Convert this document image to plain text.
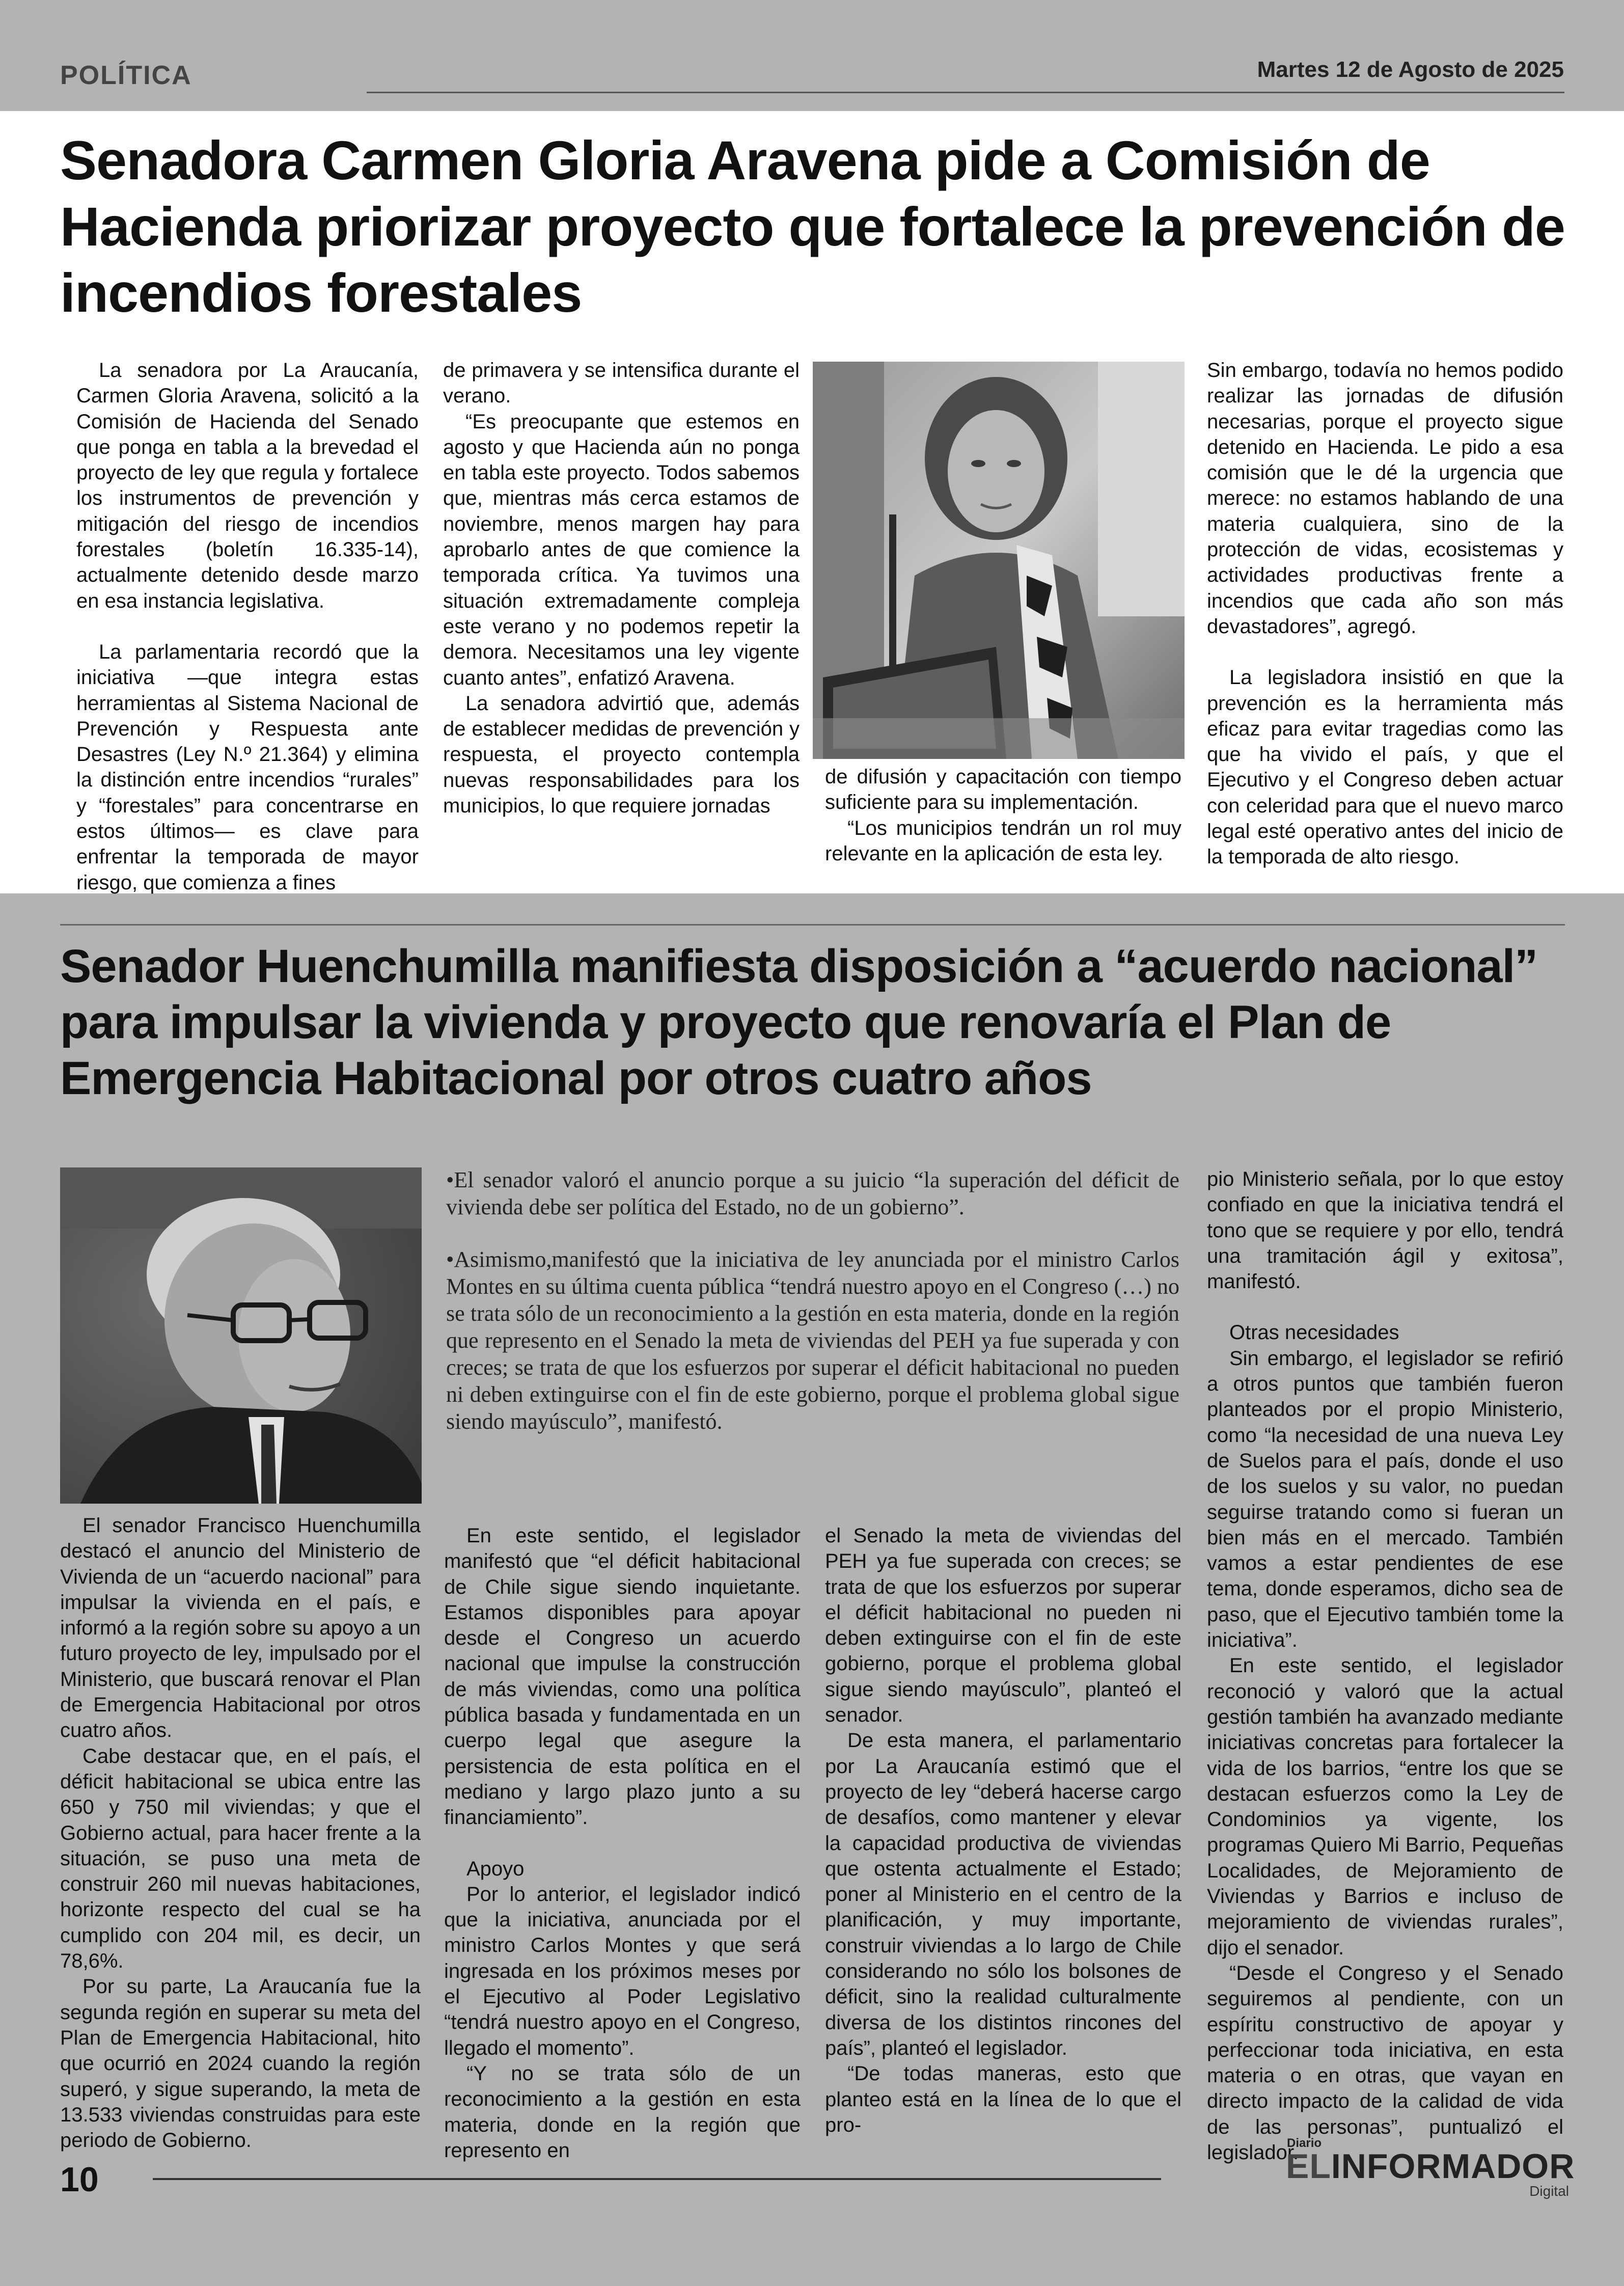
POLÍTICA	Martes 12 de Agosto de 2025
Senadora Carmen Gloria Aravena pide a Comisión de Hacienda priorizar proyecto que fortalece la prevención de incendios forestales

La senadora por La Araucanía, Carmen Gloria Aravena, solicitó a la Comisión de Hacienda del Senado que ponga en tabla a la brevedad el proyecto de ley que regula y fortalece los instrumentos de prevención y mitigación del riesgo de incendios forestales (boletín 16.335-14), actualmente detenido desde marzo en esa instancia legislativa.

La parlamentaria recordó que la iniciativa —que integra estas herramientas al Sistema Nacional de Prevención y Respuesta ante Desastres (Ley N.º 21.364) y elimina la distinción entre incendios “rurales” y “forestales” para concentrarse en estos últimos— es clave para enfrentar la temporada de mayor riesgo, que comienza a fines

de primavera y se intensifica durante el verano.

“Es preocupante que estemos en agosto y que Hacienda aún no ponga en tabla este proyecto. Todos sabemos que, mientras más cerca estamos de noviembre, menos margen hay para aprobarlo antes de que comience la temporada crítica. Ya tuvimos una situación extremadamente compleja este verano y no podemos repetir la demora. Necesitamos una ley vigente cuanto antes”, enfatizó Aravena.

La senadora advirtió que, además de establecer medidas de prevención y respuesta, el proyecto contempla nuevas responsabilidades para los municipios, lo que requiere jornadas

de difusión y capacitación con tiempo suficiente para su implementación.

“Los municipios tendrán un rol muy relevante en la aplicación de esta ley.

Sin embargo, todavía no hemos podido realizar las jornadas de difusión necesarias, porque el proyecto sigue detenido en Hacienda. Le pido a esa comisión que le dé la urgencia que merece: no estamos hablando de una materia cualquiera, sino de la protección de vidas, ecosistemas y actividades productivas frente a incendios que cada año son más devastadores”, agregó.

La legisladora insistió en que la prevención es la herramienta más eficaz para evitar tragedias como las que ha vivido el país, y que el Ejecutivo y el Congreso deben actuar con celeridad para que el nuevo marco legal esté operativo antes del inicio de la temporada de alto riesgo.

Senador Huenchumilla manifiesta disposición a “acuerdo nacional” para impulsar la vivienda y proyecto que renovaría el Plan de Emergencia Habitacional por otros cuatro años

•El senador valoró el anuncio porque a su juicio “la superación del déficit de vivienda debe ser política del Estado, no de un gobierno”.

•Asimismo,manifestó que la iniciativa de ley anunciada por el ministro Carlos Montes en su última cuenta pública “tendrá nuestro apoyo en el Congreso (…) no se trata sólo de un reconocimiento a la gestión en esta materia, donde en la región que represento en el Senado la meta de viviendas del PEH ya fue superada y con creces; se trata de que los esfuerzos por superar el déficit habitacional no pueden ni deben extinguirse con el fin de este gobierno, porque el problema global sigue siendo mayúsculo”, manifestó.

El senador Francisco Huenchumilla destacó el anuncio del Ministerio de Vivienda de un “acuerdo nacional” para impulsar la vivienda en el país, e informó a la región sobre su apoyo a un futuro proyecto de ley, impulsado por el Ministerio, que buscará renovar el Plan de Emergencia Habitacional por otros cuatro años.

Cabe destacar que, en el país, el déficit habitacional se ubica entre las 650 y 750 mil viviendas; y que el Gobierno actual, para hacer frente a la situación, se puso una meta de construir 260 mil nuevas habitaciones, horizonte respecto del cual se ha cumplido con 204 mil, es decir, un 78,6%.

Por su parte, La Araucanía fue la segunda región en superar su meta del Plan de Emergencia Habitacional, hito que ocurrió en 2024 cuando la región superó, y sigue superando, la meta de 13.533 viviendas construidas para este periodo de Gobierno.

En este sentido, el legislador manifestó que “el déficit habitacional de Chile sigue siendo inquietante. Estamos disponibles para apoyar desde el Congreso un acuerdo nacional que impulse la construcción de más viviendas, como una política pública basada y fundamentada en un cuerpo legal que asegure la persistencia de esta política en el mediano y largo plazo junto a su financiamiento”.

Apoyo

Por lo anterior, el legislador indicó que la iniciativa, anunciada por el ministro Carlos Montes y que será ingresada en los próximos meses por el Ejecutivo al Poder Legislativo “tendrá nuestro apoyo en el Congreso, llegado el momento”.

“Y no se trata sólo de un reconocimiento a la gestión en esta materia, donde en la región que represento en

el Senado la meta de viviendas del PEH ya fue superada con creces; se trata de que los esfuerzos por superar el déficit habitacional no pueden ni deben extinguirse con el fin de este gobierno, porque el problema global sigue siendo mayúsculo”, planteó el senador.

De esta manera, el parlamentario por La Araucanía estimó que el proyecto de ley “deberá hacerse cargo de desafíos, como mantener y elevar la capacidad productiva de viviendas que ostenta actualmente el Estado; poner al Ministerio en el centro de la planificación, y muy importante, construir viviendas a lo largo de Chile considerando no sólo los bolsones de déficit, sino la realidad culturalmente diversa de los distintos rincones del país”, planteó el legislador.

“De todas maneras, esto que planteo está en la línea de lo que el pro-

pio Ministerio señala, por lo que estoy confiado en que la iniciativa tendrá el tono que se requiere y por ello, tendrá una tramitación ágil y exitosa”, manifestó.

Otras necesidades

Sin embargo, el legislador se refirió a otros puntos que también fueron planteados por el propio Ministerio, como “la necesidad de una nueva Ley de Suelos para el país, donde el uso de los suelos y su valor, no puedan seguirse tratando como si fueran un bien más en el mercado. También vamos a estar pendientes de ese tema, donde esperamos, dicho sea de paso, que el Ejecutivo también tome la iniciativa”.

En este sentido, el legislador reconoció y valoró que la actual gestión también ha avanzado mediante iniciativas concretas para fortalecer la vida de los barrios, “entre los que se destacan esfuerzos como la Ley de Condominios ya vigente, los programas Quiero Mi Barrio, Pequeñas Localidades, de Mejoramiento de Viviendas y Barrios e incluso de mejoramiento de viviendas rurales”, dijo el senador.

“Desde el Congreso y el Senado seguiremos al pendiente, con un espíritu constructivo de apoyar y perfeccionar toda iniciativa, en esta materia o en otras, que vayan en directo impacto de la calidad de vida de las personas”, puntualizó el legislador.

10
Diario
ELINFORMADOR
Digital
